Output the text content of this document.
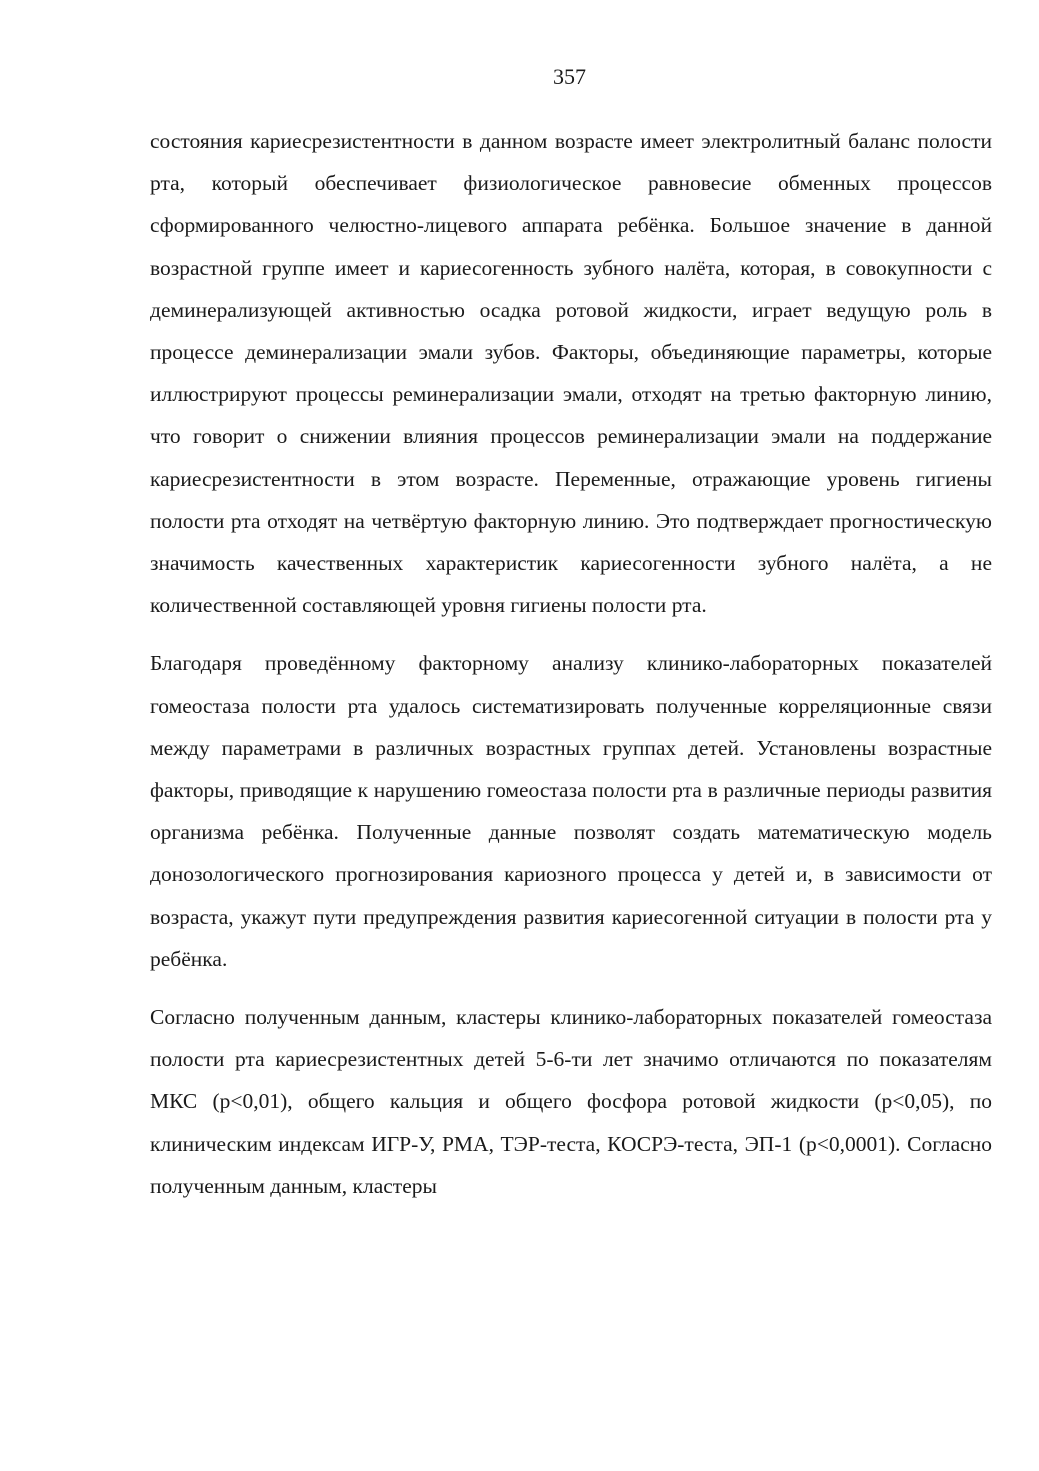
357

состояния кариесрезистентности в данном возрасте имеет электролитный баланс полости рта, который обеспечивает физиологическое равновесие обменных процессов сформированного челюстно-лицевого аппарата ребёнка. Большое значение в данной возрастной группе имеет и кариесогенность зубного налёта, которая, в совокупности с деминерализующей активностью осадка ротовой жидкости, играет ведущую роль в процессе деминерализации эмали зубов. Факторы, объединяющие параметры, которые иллюстрируют процессы реминерализации эмали, отходят на третью факторную линию, что говорит о снижении влияния процессов реминерализации эмали на поддержание кариесрезистентности в этом возрасте. Переменные, отражающие уровень гигиены полости рта отходят на четвёртую факторную линию. Это подтверждает прогностическую значимость качественных характеристик кариесогенности зубного налёта, а не количественной составляющей уровня гигиены полости рта.

Благодаря проведённому факторному анализу клинико-лабораторных показателей гомеостаза полости рта удалось систематизировать полученные корреляционные связи между параметрами в различных возрастных группах детей. Установлены возрастные факторы, приводящие к нарушению гомеостаза полости рта в различные периоды развития организма ребёнка. Полученные данные позволят создать математическую модель донозологического прогнозирования кариозного процесса у детей и, в зависимости от возраста, укажут пути предупреждения развития кариесогенной ситуации в полости рта у ребёнка.

Согласно полученным данным, кластеры клинико-лабораторных показателей гомеостаза полости рта кариесрезистентных детей 5-6-ти лет значимо отличаются по показателям МКС (p<0,01), общего кальция и общего фосфора ротовой жидкости (p<0,05), по клиническим индексам ИГР-У, РМА, ТЭР-теста, КОСРЭ-теста, ЭП-1 (p<0,0001). Согласно полученным данным, кластеры
